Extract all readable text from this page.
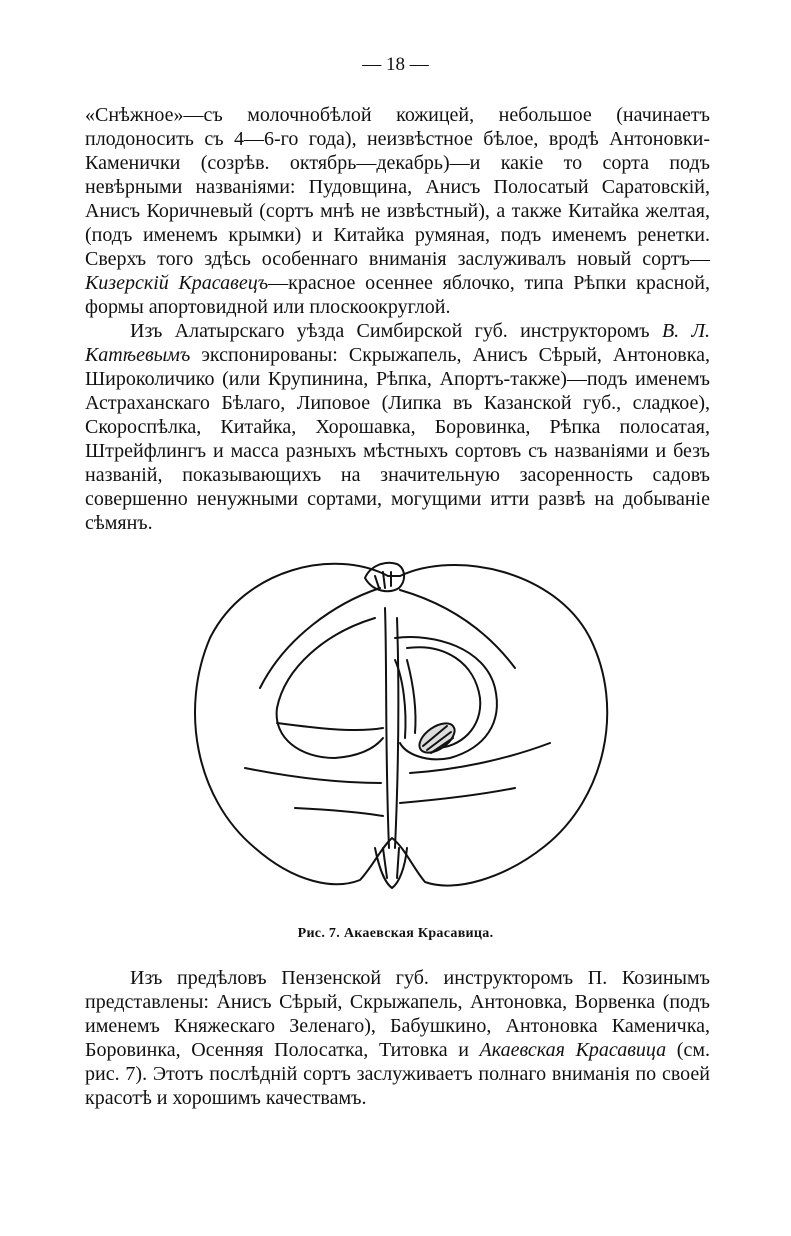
— 18 —

«Снѣжное»—съ молочнобѣлой кожицей, небольшое (начинаетъ плодоносить съ 4—6-го года), неизвѣстное бѣлое, вродѣ Антоновки-Каменички (созрѣв. октябрь—декабрь)—и какіе то сорта подъ невѣрными названіями: Пудовщина, Анисъ Полосатый Саратовскій, Анисъ Коричневый (сортъ мнѣ не извѣстный), а также Китайка желтая, (подъ именемъ крымки) и Китайка румяная, подъ именемъ ренетки. Сверхъ того здѣсь особеннаго вниманія заслуживалъ новый сортъ—Кизерскій Красавецъ—красное осеннее яблочко, типа Рѣпки красной, формы апортовидной или плоскоокруглой.

Изъ Алатырскаго уѣзда Симбирской губ. инструкторомъ В. Л. Катѣевымъ экспонированы: Скрыжапель, Анисъ Сѣрый, Антоновка, Широколичико (или Крупинина, Рѣпка, Апортъ-также)—подъ именемъ Астраханскаго Бѣлаго, Липовое (Липка въ Казанской губ., сладкое), Скороспѣлка, Китайка, Хорошавка, Боровинка, Рѣпка полосатая, Штрейфлингъ и масса разныхъ мѣстныхъ сортовъ съ названіями и безъ названій, показывающихъ на значительную засоренность садовъ совершенно ненужными сортами, могущими итти развѣ на добываніе сѣмянъ.

Рис. 7. Акаевская Красавица.

Изъ предѣловъ Пензенской губ. инструкторомъ П. Козинымъ представлены: Анисъ Сѣрый, Скрыжапель, Антоновка, Ворвенка (подъ именемъ Княжескаго Зеленаго), Бабушкино, Антоновка Каменичка, Боровинка, Осенняя Полосатка, Титовка и Акаевская Красавица (см. рис. 7). Этотъ послѣдній сортъ заслуживаетъ полнаго вниманія по своей красотѣ и хорошимъ качествамъ.
